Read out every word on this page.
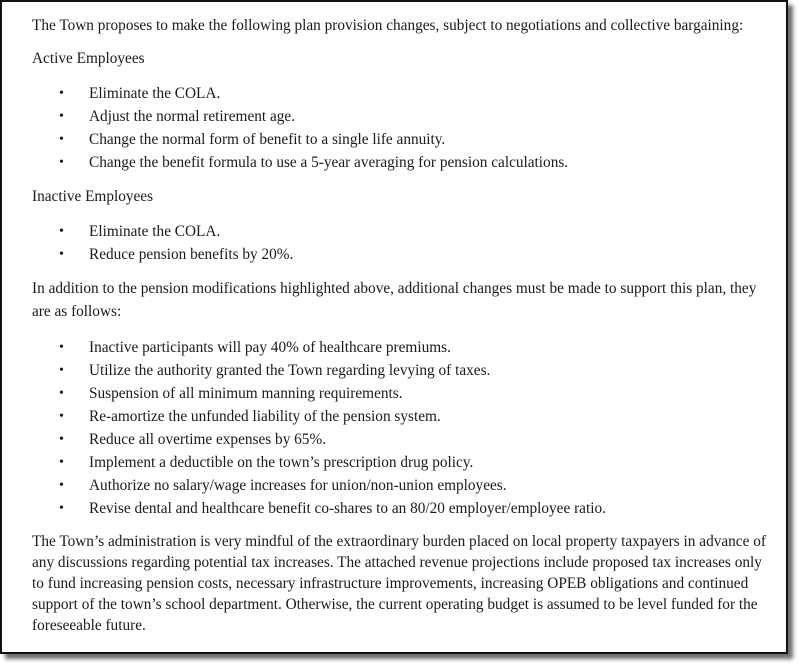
The Town proposes to make the following plan provision changes, subject to negotiations and collective bargaining:

Active Employees

• Eliminate the COLA.
• Adjust the normal retirement age.
• Change the normal form of benefit to a single life annuity.
• Change the benefit formula to use a 5-year averaging for pension calculations.

Inactive Employees

• Eliminate the COLA.
• Reduce pension benefits by 20%.

In addition to the pension modifications highlighted above, additional changes must be made to support this plan, they are as follows:

• Inactive participants will pay 40% of healthcare premiums.
• Utilize the authority granted the Town regarding levying of taxes.
• Suspension of all minimum manning requirements.
• Re-amortize the unfunded liability of the pension system.
• Reduce all overtime expenses by 65%.
• Implement a deductible on the town’s prescription drug policy.
• Authorize no salary/wage increases for union/non-union employees.
• Revise dental and healthcare benefit co-shares to an 80/20 employer/employee ratio.

The Town’s administration is very mindful of the extraordinary burden placed on local property taxpayers in advance of any discussions regarding potential tax increases. The attached revenue projections include proposed tax increases only to fund increasing pension costs, necessary infrastructure improvements, increasing OPEB obligations and continued support of the town’s school department. Otherwise, the current operating budget is assumed to be level funded for the foreseeable future.
